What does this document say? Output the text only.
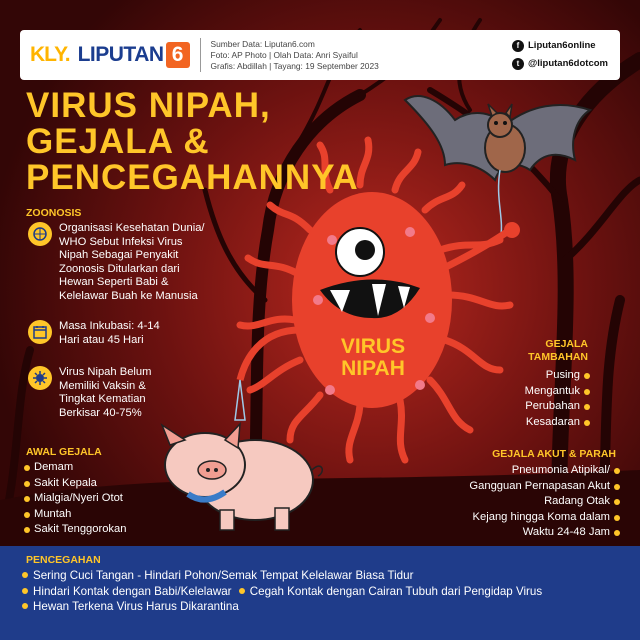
KLY. LIPUTAN 6	Sumber Data: Liputan6.com
Foto: AP Photo | Olah Data: Anri Syaiful
Grafis: Abdillah | Tayang: 19 September 2023
f Liputan6online
t @liputan6dotcom
VIRUS NIPAH,
GEJALA &
PENCEGAHANNYA
VIRUS
NIPAH
ZOONOSIS
Organisasi Kesehatan Dunia/
WHO Sebut Infeksi Virus
Nipah Sebagai Penyakit
Zoonosis Ditularkan dari
Hewan Seperti Babi &
Kelelawar Buah ke Manusia
Masa Inkubasi: 4-14
Hari atau 45 Hari
Virus Nipah Belum
Memiliki Vaksin &
Tingkat Kematian
Berkisar 40-75%
AWAL GEJALA
Demam
Sakit Kepala
Mialgia/Nyeri Otot
Muntah
Sakit Tenggorokan
GEJALA
TAMBAHAN
Pusing
Mengantuk
Perubahan
Kesadaran
GEJALA AKUT & PARAH
Pneumonia Atipikal/
Gangguan Pernapasan Akut
Radang Otak
Kejang hingga Koma dalam
Waktu 24-48 Jam
PENCEGAHAN
Sering Cuci Tangan - Hindari Pohon/Semak Tempat Kelelawar Biasa Tidur
Hindari Kontak dengan Babi/Kelelawar Cegah Kontak dengan Cairan Tubuh dari Pengidap Virus
Hewan Terkena Virus Harus Dikarantina
